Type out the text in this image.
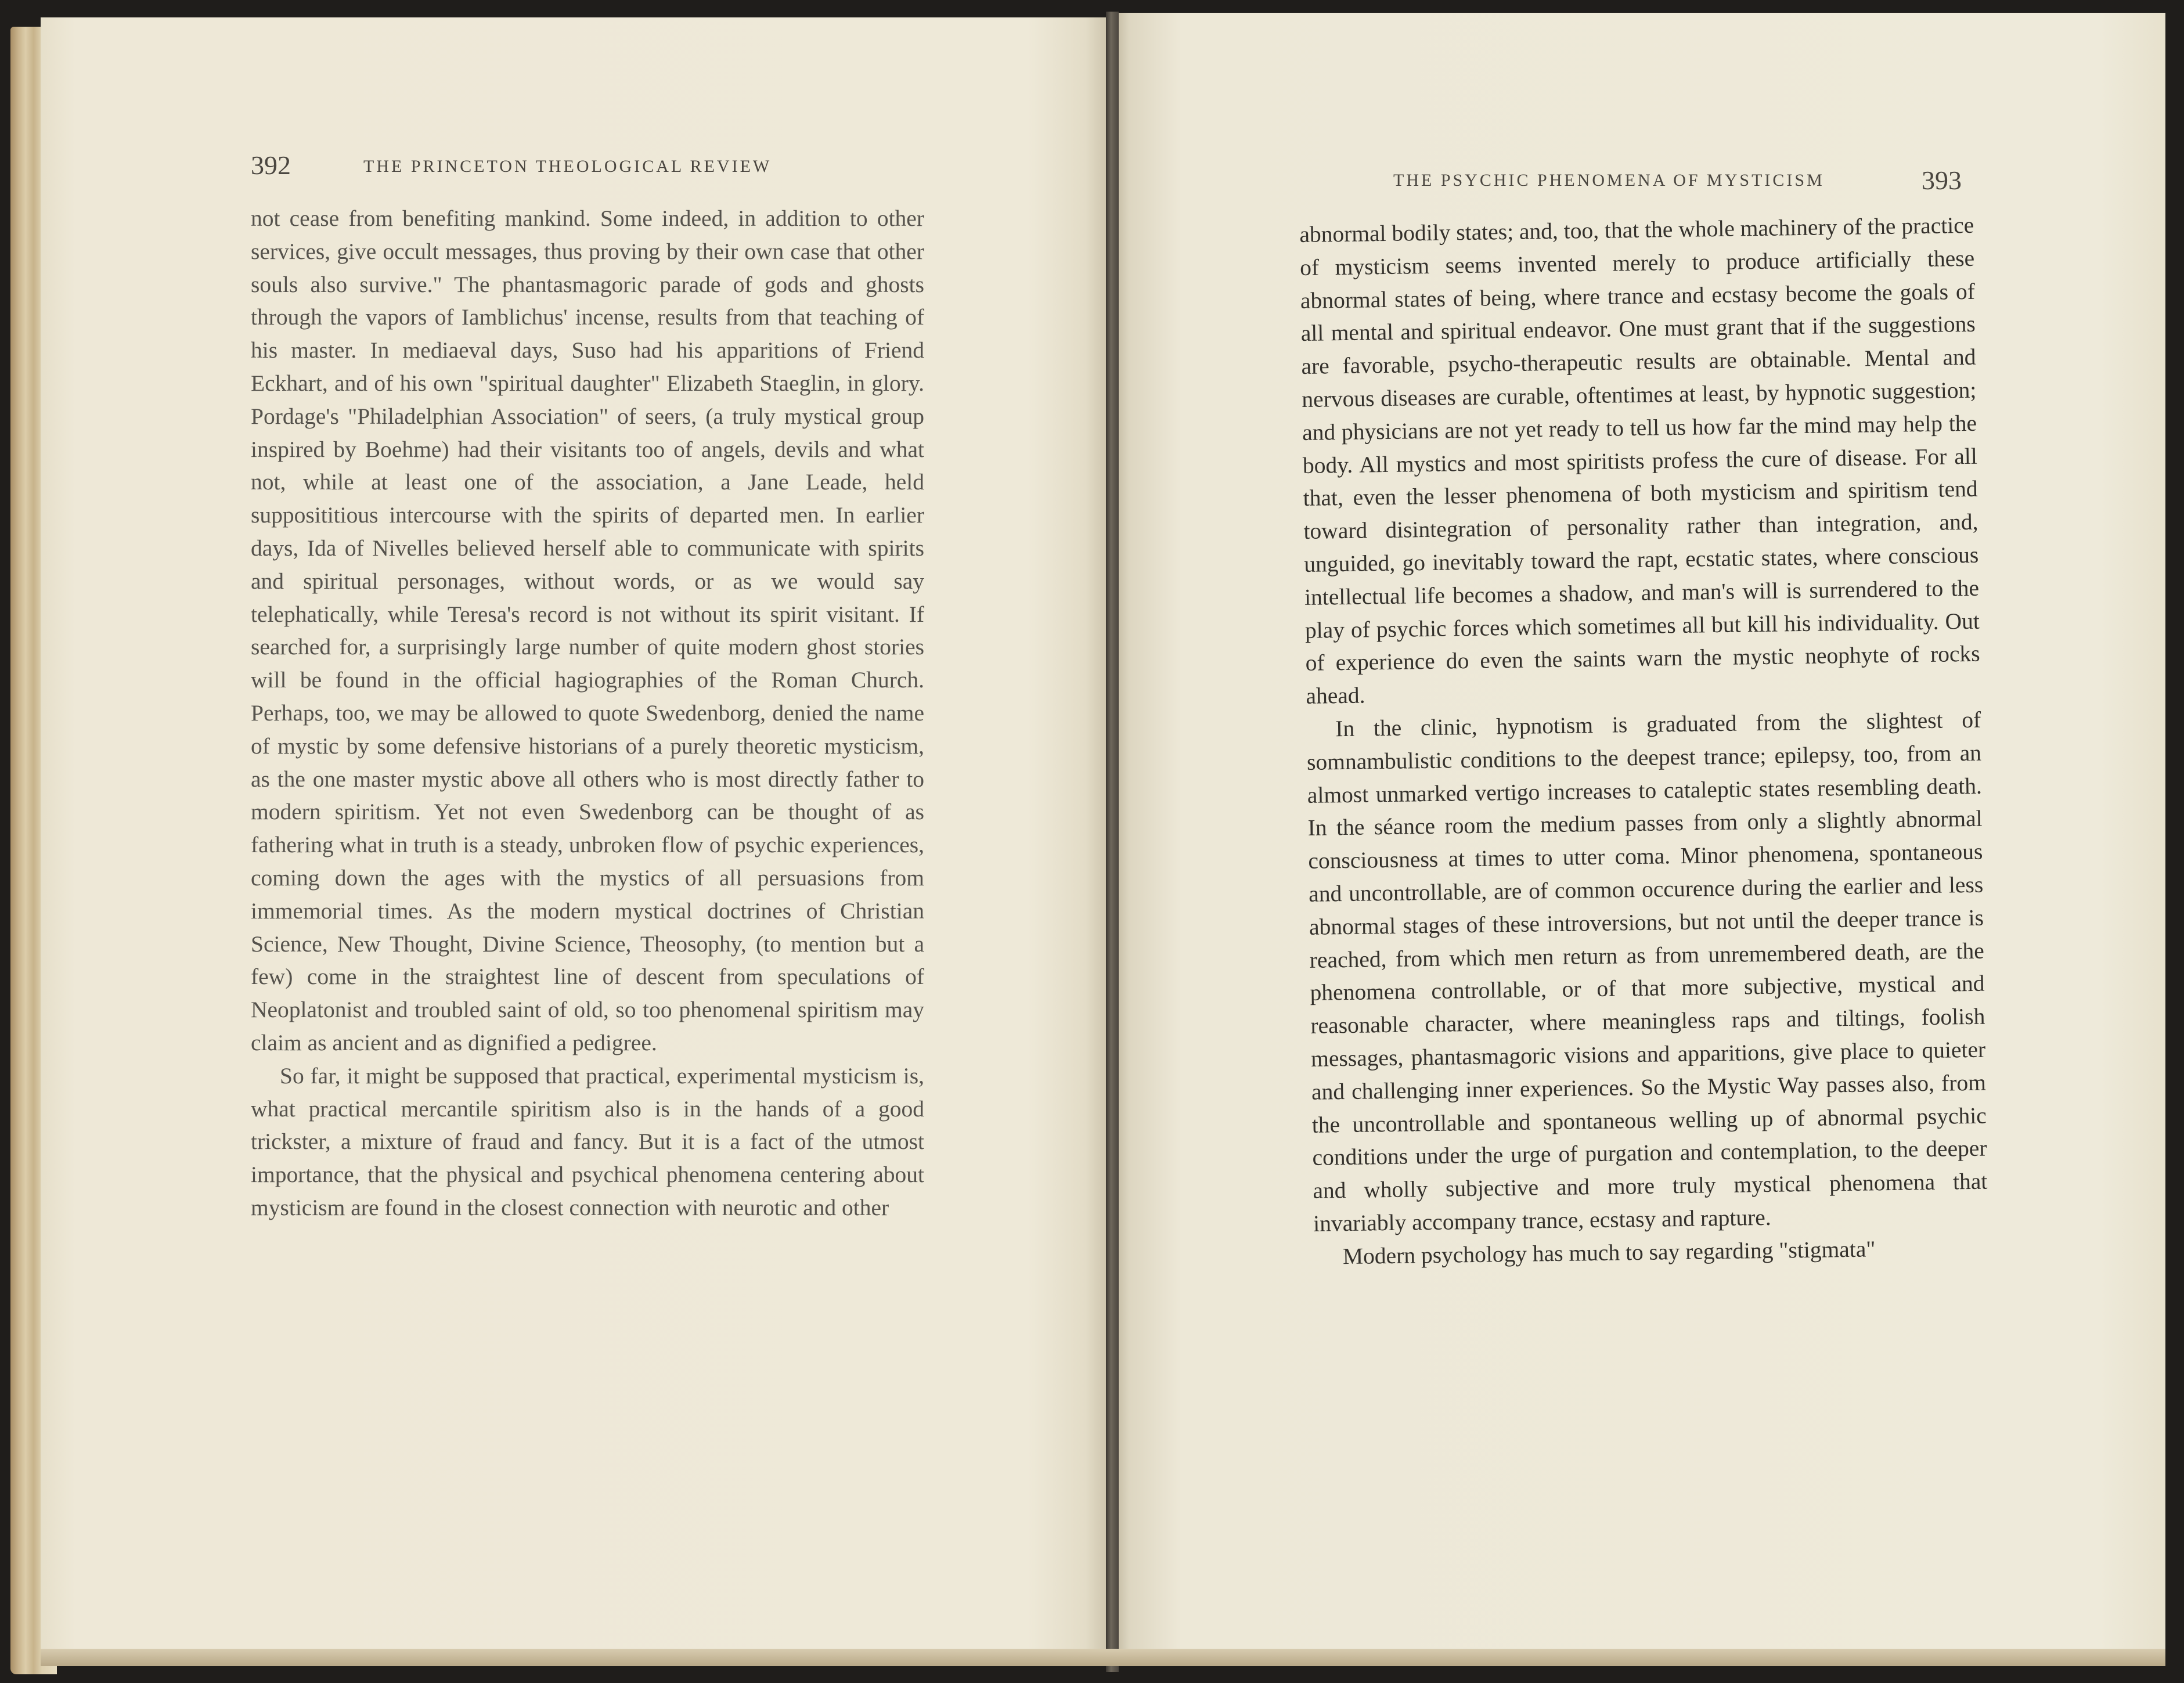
392	THE PRINCETON THEOLOGICAL REVIEW
THE PSYCHIC PHENOMENA OF MYSTICISM	393

not cease from benefiting mankind. Some indeed, in addition to other services, give occult messages, thus proving by their own case that other souls also survive." The phantasmagoric parade of gods and ghosts through the vapors of Iamblichus' incense, results from that teaching of his master. In mediaeval days, Suso had his apparitions of Friend Eckhart, and of his own "spiritual daughter" Elizabeth Staeglin, in glory. Pordage's "Philadelphian Association" of seers, (a truly mystical group inspired by Boehme) had their visitants too of angels, devils and what not, while at least one of the association, a Jane Leade, held supposititious intercourse with the spirits of departed men. In earlier days, Ida of Nivelles believed herself able to communicate with spirits and spiritual personages, without words, or as we would say telephatically, while Teresa's record is not without its spirit visitant. If searched for, a surprisingly large number of quite modern ghost stories will be found in the official hagiographies of the Roman Church. Perhaps, too, we may be allowed to quote Swedenborg, denied the name of mystic by some defensive historians of a purely theoretic mysticism, as the one master mystic above all others who is most directly father to modern spiritism. Yet not even Swedenborg can be thought of as fathering what in truth is a steady, unbroken flow of psychic experiences, coming down the ages with the mystics of all persuasions from immemorial times. As the modern mystical doctrines of Christian Science, New Thought, Divine Science, Theosophy, (to mention but a few) come in the straightest line of descent from speculations of Neoplatonist and troubled saint of old, so too phenomenal spiritism may claim as ancient and as dignified a pedigree.

So far, it might be supposed that practical, experimental mysticism is, what practical mercantile spiritism also is in the hands of a good trickster, a mixture of fraud and fancy. But it is a fact of the utmost importance, that the physical and psychical phenomena centering about mysticism are found in the closest connection with neurotic and other

abnormal bodily states; and, too, that the whole machinery of the practice of mysticism seems invented merely to produce artificially these abnormal states of being, where trance and ecstasy become the goals of all mental and spiritual endeavor. One must grant that if the suggestions are favorable, psycho-therapeutic results are obtainable. Mental and nervous diseases are curable, oftentimes at least, by hypnotic suggestion; and physicians are not yet ready to tell us how far the mind may help the body. All mystics and most spiritists profess the cure of disease. For all that, even the lesser phenomena of both mysticism and spiritism tend toward disintegration of personality rather than integration, and, unguided, go inevitably toward the rapt, ecstatic states, where conscious intellectual life becomes a shadow, and man's will is surrendered to the play of psychic forces which sometimes all but kill his individuality. Out of experience do even the saints warn the mystic neophyte of rocks ahead.

In the clinic, hypnotism is graduated from the slightest of somnambulistic conditions to the deepest trance; epilepsy, too, from an almost unmarked vertigo increases to cataleptic states resembling death. In the séance room the medium passes from only a slightly abnormal consciousness at times to utter coma. Minor phenomena, spontaneous and uncontrollable, are of common occurence during the earlier and less abnormal stages of these introversions, but not until the deeper trance is reached, from which men return as from unremembered death, are the phenomena controllable, or of that more subjective, mystical and reasonable character, where meaningless raps and tiltings, foolish messages, phantasmagoric visions and apparitions, give place to quieter and challenging inner experiences. So the Mystic Way passes also, from the uncontrollable and spontaneous welling up of abnormal psychic conditions under the urge of purgation and contemplation, to the deeper and wholly subjective and more truly mystical phenomena that invariably accompany trance, ecstasy and rapture.

Modern psychology has much to say regarding "stigmata"
